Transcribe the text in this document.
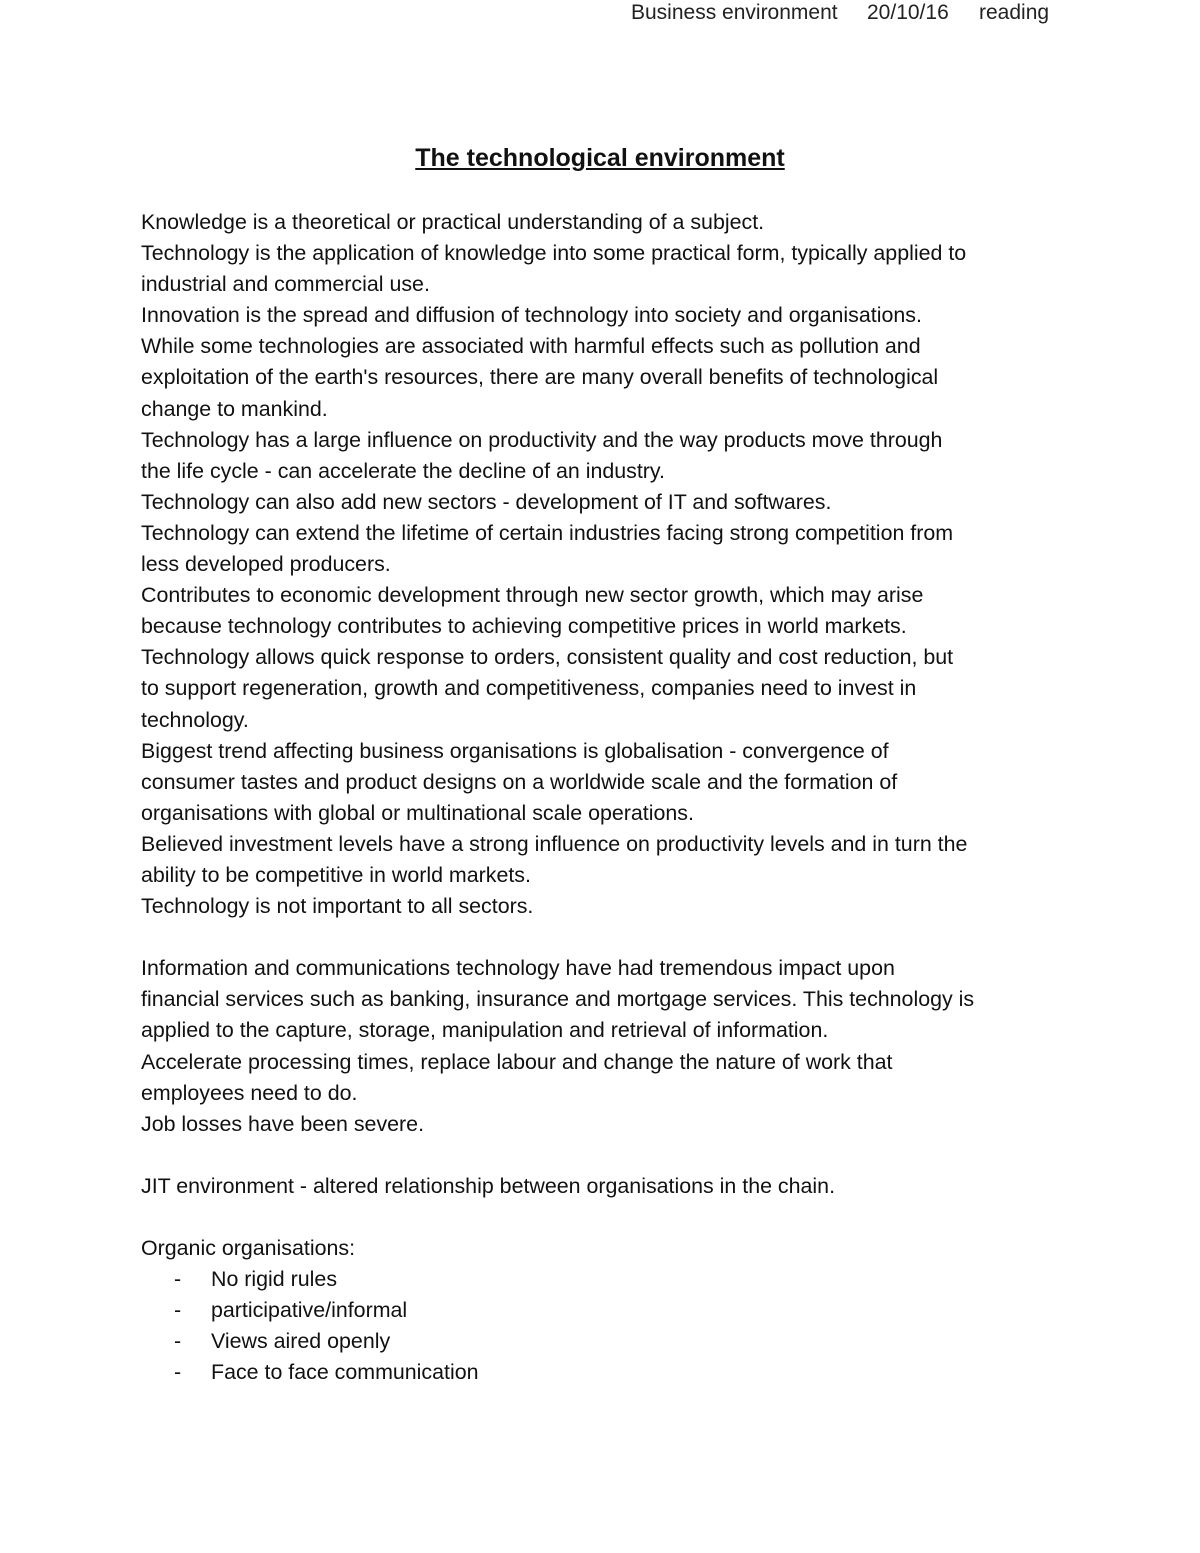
Business environment 20/10/16 reading
The technological environment
Knowledge is a theoretical or practical understanding of a subject.
Technology is the application of knowledge into some practical form, typically applied to
industrial and commercial use.
Innovation is the spread and diffusion of technology into society and organisations.
While some technologies are associated with harmful effects such as pollution and
exploitation of the earth's resources, there are many overall benefits of technological
change to mankind.
Technology has a large influence on productivity and the way products move through
the life cycle - can accelerate the decline of an industry.
Technology can also add new sectors - development of IT and softwares.
Technology can extend the lifetime of certain industries facing strong competition from
less developed producers.
Contributes to economic development through new sector growth, which may arise
because technology contributes to achieving competitive prices in world markets.
Technology allows quick response to orders, consistent quality and cost reduction, but
to support regeneration, growth and competitiveness, companies need to invest in
technology.
Biggest trend affecting business organisations is globalisation - convergence of
consumer tastes and product designs on a worldwide scale and the formation of
organisations with global or multinational scale operations.
Believed investment levels have a strong influence on productivity levels and in turn the
ability to be competitive in world markets.
Technology is not important to all sectors.
Information and communications technology have had tremendous impact upon
financial services such as banking, insurance and mortgage services. This technology is
applied to the capture, storage, manipulation and retrieval of information.
Accelerate processing times, replace labour and change the nature of work that
employees need to do.
Job losses have been severe.
JIT environment - altered relationship between organisations in the chain.
Organic organisations:
- No rigid rules
- participative/informal
- Views aired openly
- Face to face communication
